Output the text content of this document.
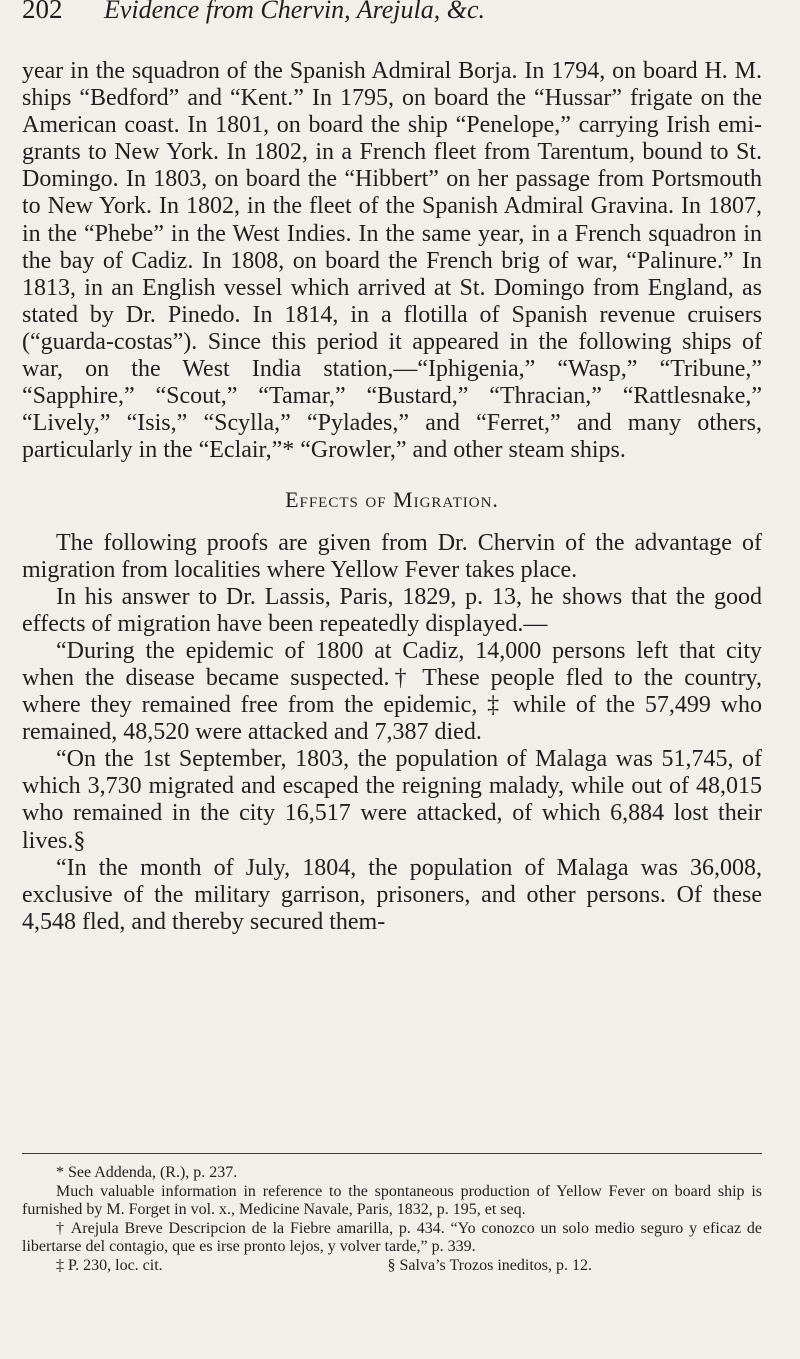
202 Evidence from Chervin, Arejula, &c.

year in the squadron of the Spanish Admiral Borja. In 1794, on board H. M. ships “Bedford” and “Kent.” In 1795, on board the “Hussar” frigate on the American coast. In 1801, on board the ship “Penelope,” carrying Irish emigrants to New York. In 1802, in a French fleet from Tarentum, bound to St. Domingo. In 1803, on board the “Hibbert” on her passage from Portsmouth to New York. In 1802, in the fleet of the Spanish Admiral Gravina. In 1807, in the “Phebe” in the West Indies. In the same year, in a French squadron in the bay of Cadiz. In 1808, on board the French brig of war, “Palinure.” In 1813, in an English vessel which arrived at St. Domingo from England, as stated by Dr. Pinedo. In 1814, in a flotilla of Spanish revenue cruisers (“guarda-costas”). Since this period it appeared in the following ships of war, on the West India station,—“Iphigenia,” “Wasp,” “Tribune,” “Sapphire,” “Scout,” “Tamar,” “Bustard,” “Thracian,” “Rattlesnake,” “Lively,” “Isis,” “Scylla,” “Pylades,” and “Ferret,” and many others, particularly in the “Eclair,”* “Growler,” and other steam ships.

Effects of Migration.

The following proofs are given from Dr. Chervin of the advantage of migration from localities where Yellow Fever takes place.

In his answer to Dr. Lassis, Paris, 1829, p. 13, he shows that the good effects of migration have been repeatedly displayed.—

“During the epidemic of 1800 at Cadiz, 14,000 persons left that city when the disease became suspected.† These people fled to the country, where they remained free from the epidemic, ‡ while of the 57,499 who remained, 48,520 were attacked and 7,387 died.

“On the 1st September, 1803, the population of Malaga was 51,745, of which 3,730 migrated and escaped the reigning malady, while out of 48,015 who remained in the city 16,517 were attacked, of which 6,884 lost their lives.§

“In the month of July, 1804, the population of Malaga was 36,008, exclusive of the military garrison, prisoners, and other persons. Of these 4,548 fled, and thereby secured them-

* See Addenda, (R.), p. 237.

Much valuable information in reference to the spontaneous production of Yellow Fever on board ship is furnished by M. Forget in vol. x., Medicine Navale, Paris, 1832, p. 195, et seq.

† Arejula Breve Descripcion de la Fiebre amarilla, p. 434. “Yo conozco un solo medio seguro y eficaz de libertarse del contagio, que es irse pronto lejos, y volver tarde,” p. 339.

‡ P. 230, loc. cit.	§ Salva’s Trozos ineditos, p. 12.
